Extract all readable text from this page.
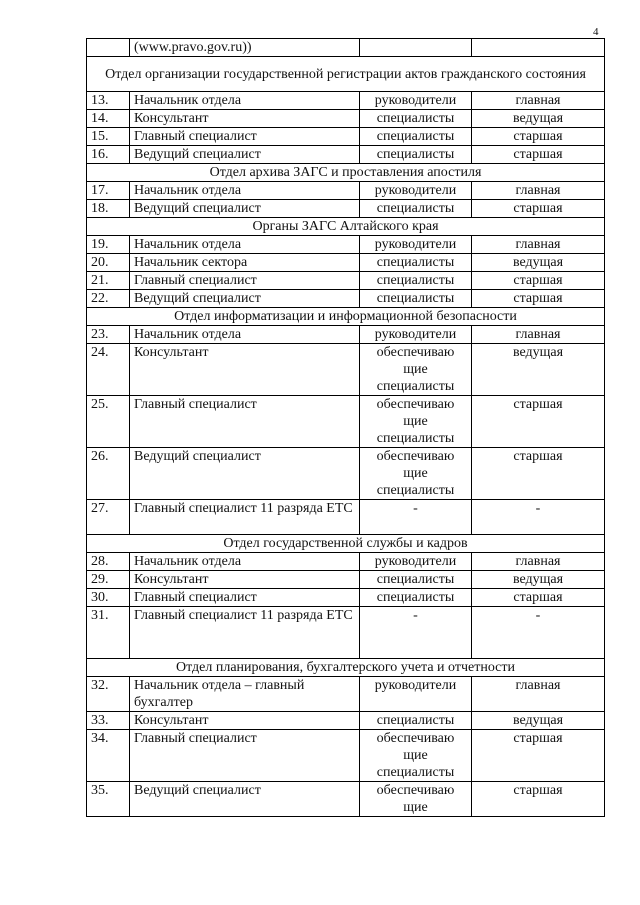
4
	(www.pravo.gov.ru))		
Отдел организации государственной регистрации актов гражданского состояния			
13.	Начальник отдела	руководители	главная
14.	Консультант	специалисты	ведущая
15.	Главный специалист	специалисты	старшая
16.	Ведущий специалист	специалисты	старшая
Отдел архива ЗАГС и проставления апостиля			
17.	Начальник отдела	руководители	главная
18.	Ведущий специалист	специалисты	старшая
Органы ЗАГС Алтайского края			
19.	Начальник отдела	руководители	главная
20.	Начальник сектора	специалисты	ведущая
21.	Главный специалист	специалисты	старшая
22.	Ведущий специалист	специалисты	старшая
Отдел информатизации и информационной безопасности			
23.	Начальник отдела	руководители	главная
24.	Консультант	обеспечиваю щие специалисты	ведущая
25.	Главный специалист	обеспечиваю щие специалисты	старшая
26.	Ведущий специалист	обеспечиваю щие специалисты	старшая
27.	Главный специалист 11 разряда ЕТС	-	-
Отдел государственной службы и кадров			
28.	Начальник отдела	руководители	главная
29.	Консультант	специалисты	ведущая
30.	Главный специалист	специалисты	старшая
31.	Главный специалист 11 разряда ЕТС	-	-
Отдел планирования, бухгалтерского учета и отчетности			
32.	Начальник отдела – главный бухгалтер	руководители	главная
33.	Консультант	специалисты	ведущая
34.	Главный специалист	обеспечиваю щие специалисты	старшая
35.	Ведущий специалист	обеспечиваю щие	старшая
